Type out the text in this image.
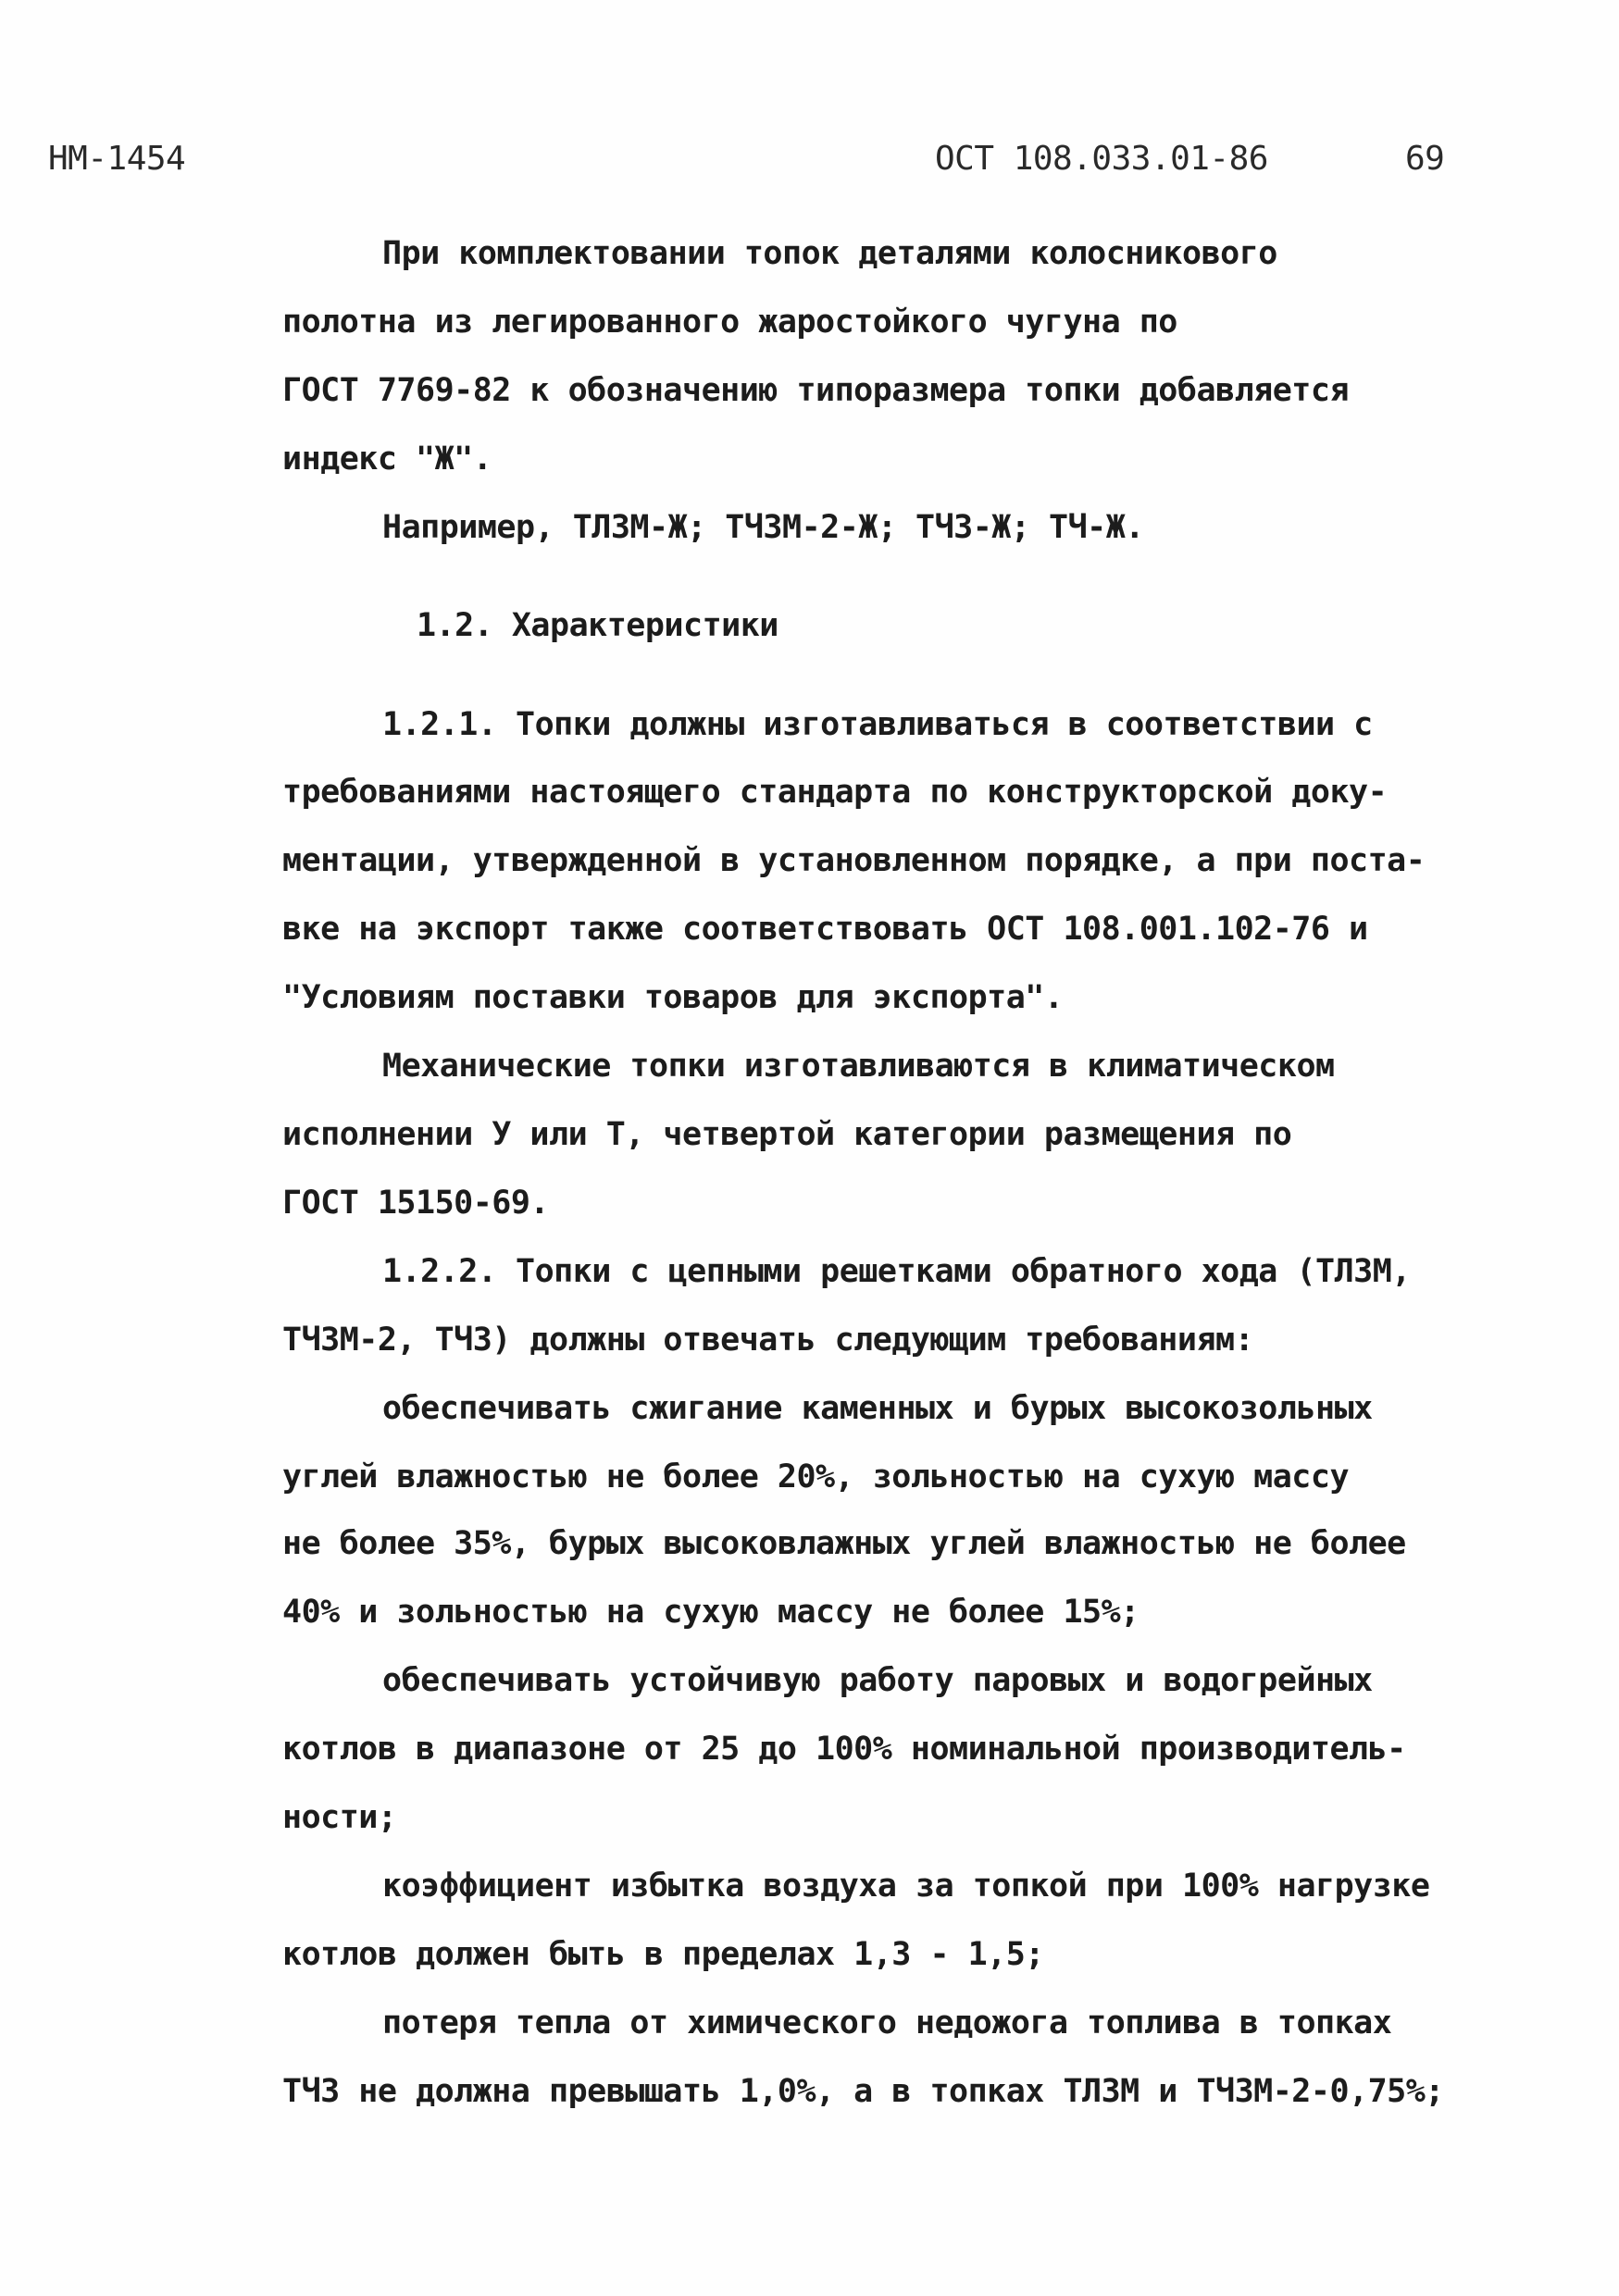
НМ-1454	ОСТ 108.033.01-86	69
При комплектовании топок деталями колосникового
полотна из легированного жаростойкого чугуна по
ГОСТ 7769-82 к обозначению типоразмера топки добавляется
индекс "Ж".
Например, ТЛЗМ-Ж; ТЧЗМ-2-Ж; ТЧЗ-Ж; ТЧ-Ж.
1.2. Характеристики
1.2.1. Топки должны изготавливаться в соответствии с
требованиями настоящего стандарта по конструкторской доку-
ментации, утвержденной в установленном порядке, а при поста-
вке на экспорт также соответствовать ОСТ 108.001.102-76 и
"Условиям поставки товаров для экспорта".
Механические топки изготавливаются в климатическом
исполнении У или Т, четвертой категории размещения по
ГОСТ 15150-69.
1.2.2. Топки с цепными решетками обратного хода (ТЛЗМ,
ТЧЗМ-2, ТЧЗ) должны отвечать следующим требованиям:
обеспечивать сжигание каменных и бурых высокозольных
углей влажностью не более 20%, зольностью на сухую массу
не более 35%, бурых высоковлажных углей влажностью не более
40% и зольностью на сухую массу не более 15%;
обеспечивать устойчивую работу паровых и водогрейных
котлов в диапазоне от 25 до 100% номинальной производитель-
ности;
коэффициент избытка воздуха за топкой при 100% нагрузке
котлов должен быть в пределах 1,3 - 1,5;
потеря тепла от химического недожога топлива в топках
ТЧЗ не должна превышать 1,0%, а в топках ТЛЗМ и ТЧЗМ-2-0,75%;
